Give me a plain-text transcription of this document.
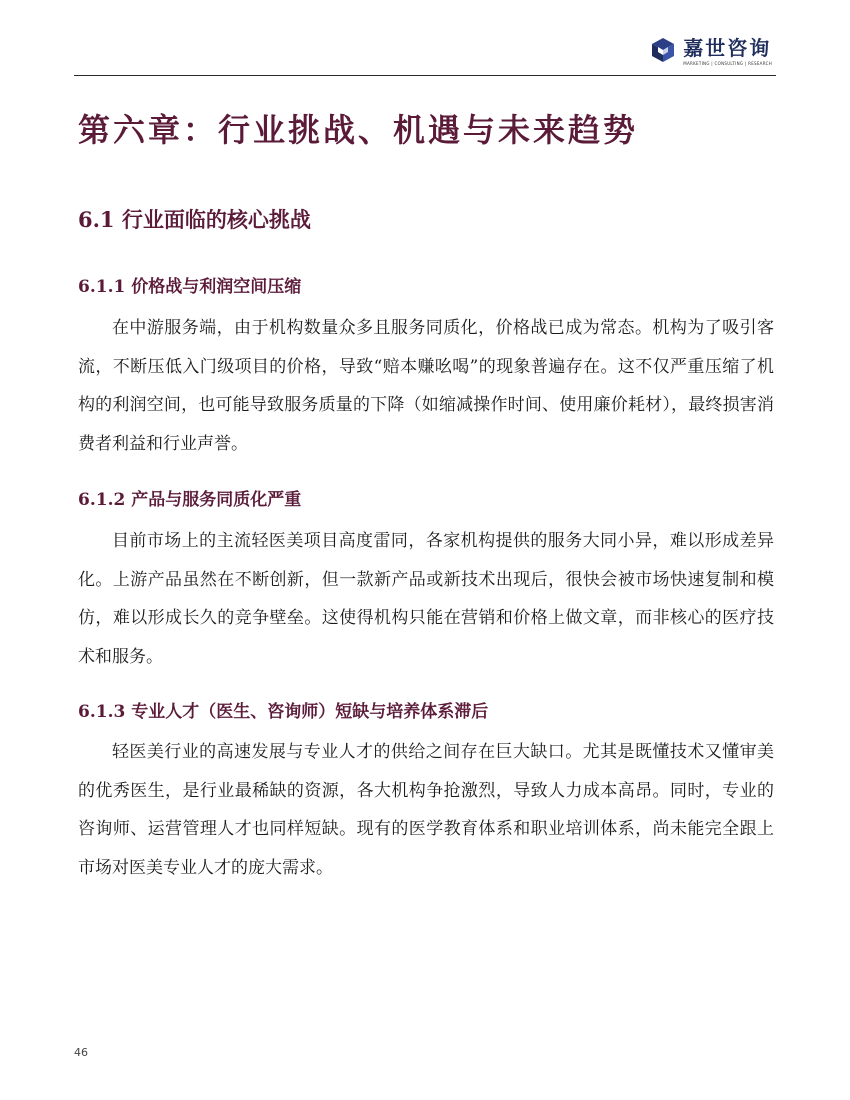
嘉世咨询
MARKETING | CONSULTING | RESEARCH
第六章：行业挑战、机遇与未来趋势
6.1 行业面临的核心挑战
6.1.1 价格战与利润空间压缩

在中游服务端，由于机构数量众多且服务同质化，价格战已成为常态。机构为了吸引客流，不断压低入门级项目的价格，导致“赔本赚吆喝”的现象普遍存在。这不仅严重压缩了机构的利润空间，也可能导致服务质量的下降（如缩减操作时间、使用廉价耗材），最终损害消费者利益和行业声誉。

6.1.2 产品与服务同质化严重

目前市场上的主流轻医美项目高度雷同，各家机构提供的服务大同小异，难以形成差异化。上游产品虽然在不断创新，但一款新产品或新技术出现后，很快会被市场快速复制和模仿，难以形成长久的竞争壁垒。这使得机构只能在营销和价格上做文章，而非核心的医疗技术和服务。

6.1.3 专业人才（医生、咨询师）短缺与培养体系滞后

轻医美行业的高速发展与专业人才的供给之间存在巨大缺口。尤其是既懂技术又懂审美的优秀医生，是行业最稀缺的资源，各大机构争抢激烈，导致人力成本高昂。同时，专业的咨询师、运营管理人才也同样短缺。现有的医学教育体系和职业培训体系，尚未能完全跟上市场对医美专业人才的庞大需求。

46
